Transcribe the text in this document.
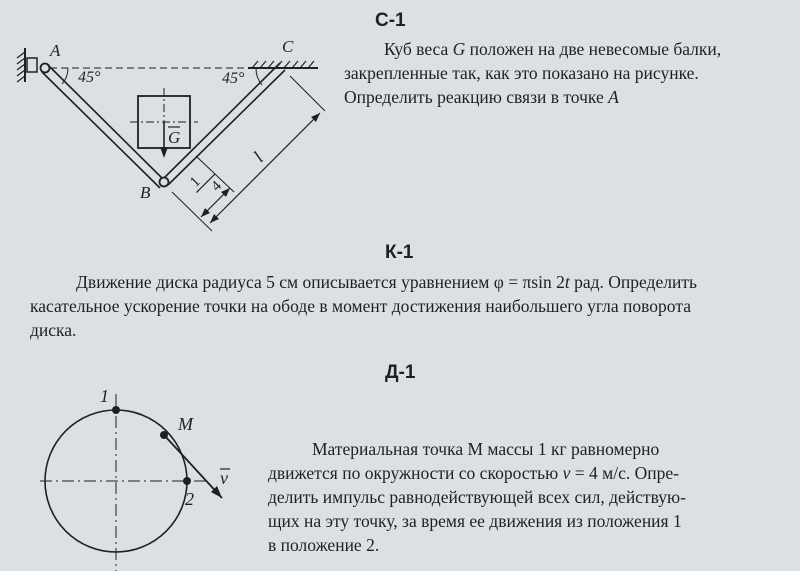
С-1
Куб веса G положен на две невесомые балки,
закрепленные так, как это показано на рисунке.
Определить реакцию связи в точке A
A	C
B
G
45°	45°
l
1 4
К-1
Движение диска радиуса 5 см описывается уравнением φ = πsin 2t рад. Определить
касательное ускорение точки на ободе в момент достижения наибольшего угла поворота
диска.
Д-1
Материальная точка М массы 1 кг равномерно
движется по окружности со скоростью v = 4 м/с. Опре-
делить импульс равнодействующей всех сил, действую-
щих на эту точку, за время ее движения из положения 1
в положение 2.
1
M
2
v
